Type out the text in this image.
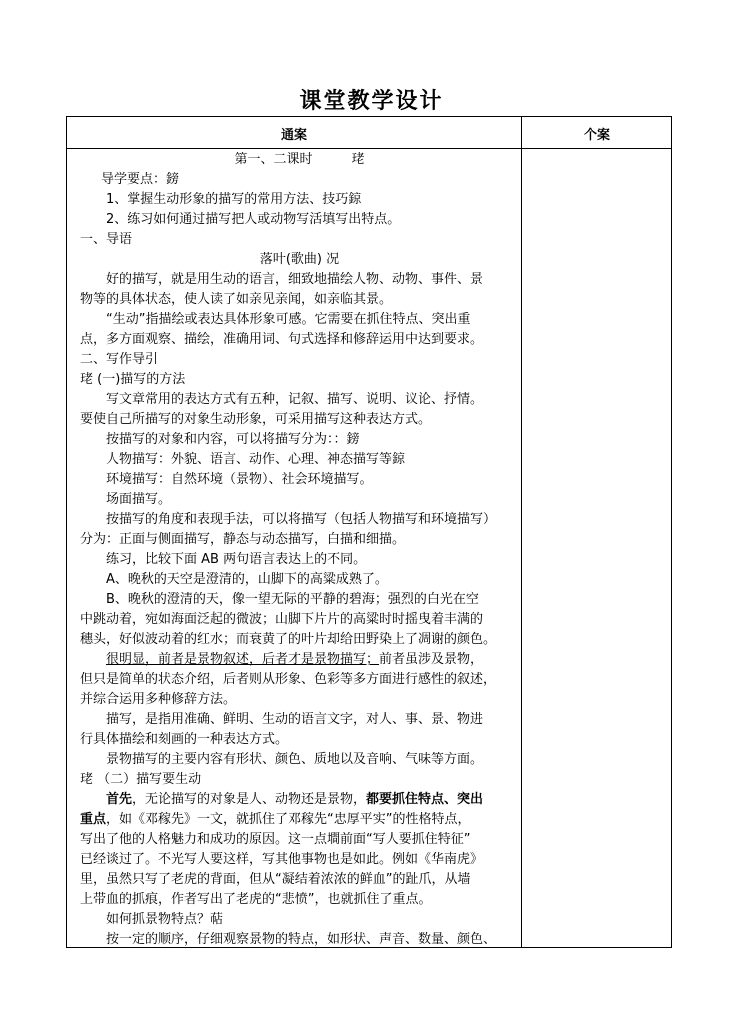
课堂教学设计
通案	个案

第一、二课时　　　珯

导学要点：鎊

1、掌握生动形象的描写的常用方法、技巧鍄

2、练习如何通过描写把人或动物写活填写出特点。

一、导语

落叶(歌曲) 况

好的描写，就是用生动的语言，细致地描绘人物、动物、事件、景

物等的具体状态，使人读了如亲见亲闻，如亲临其景。

“生动”指描绘或表达具体形象可感。它需要在抓住特点、突出重

点，多方面观察、描绘，准确用词、句式选择和修辞运用中达到要求。

二、写作导引

珯 (一)描写的方法

写文章常用的表达方式有五种，记叙、描写、说明、议论、抒情。

要使自己所描写的对象生动形象，可采用描写这种表达方式。

按描写的对象和内容，可以将描写分为：：鎊

人物描写：外貌、语言、动作、心理、神态描写等鍄

环境描写：自然环境（景物）、社会环境描写。

场面描写。

按描写的角度和表现手法，可以将描写（包括人物描写和环境描写）

分为：正面与侧面描写，静态与动态描写，白描和细描。

练习，比较下面 AB 两句语言表达上的不同。

A、晚秋的天空是澄清的，山脚下的高粱成熟了。

B、晚秋的澄清的天，像一望无际的平静的碧海；强烈的白光在空

中跳动着，宛如海面泛起的微波；山脚下片片的高粱时时摇曳着丰满的

穗头，好似波动着的红水；而衰黄了的叶片却给田野染上了凋谢的颜色。

很明显，前者是景物叙述，后者才是景物描写；前者虽涉及景物，

但只是简单的状态介绍，后者则从形象、色彩等多方面进行感性的叙述，

并综合运用多种修辞方法。

描写，是指用准确、鲜明、生动的语言文字，对人、事、景、物进

行具体描绘和刻画的一种表达方式。

景物描写的主要内容有形状、颜色、质地以及音响、气味等方面。

珯 （二）描写要生动

首先，无论描写的对象是人、动物还是景物，都要抓住特点、突出

重点，如《邓稼先》一文，就抓住了邓稼先“忠厚平实”的性格特点，

写出了他的人格魅力和成功的原因。这一点墹前面“写人要抓住特征”

已经谈过了。不光写人要这样，写其他事物也是如此。例如《华南虎》

里，虽然只写了老虎的背面，但从“凝结着浓浓的鲜血”的趾爪，从墙

上带血的抓痕，作者写出了老虎的“悲愤”，也就抓住了重点。

如何抓景物特点？萜

按一定的顺序，仔细观察景物的特点，如形状、声音、数量、颜色、
